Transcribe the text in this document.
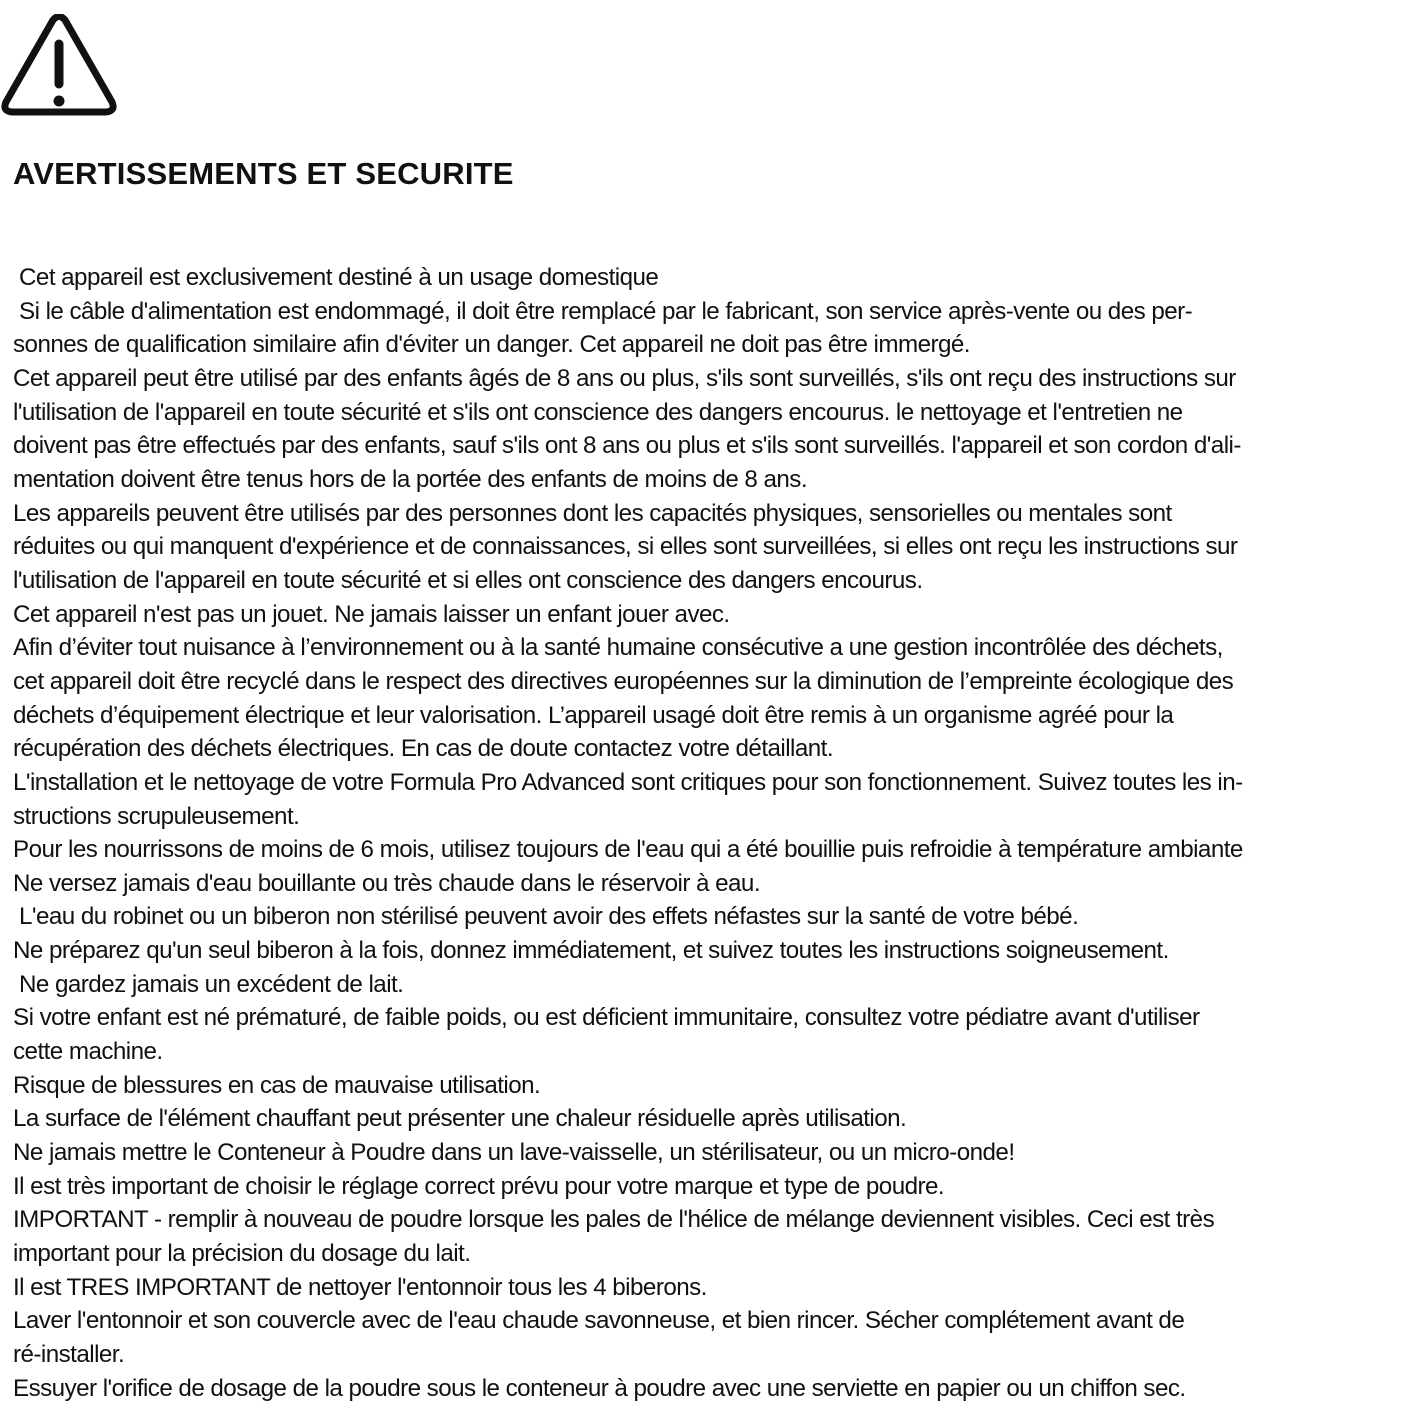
AVERTISSEMENTS ET SECURITE
Cet appareil est exclusivement destiné à un usage domestique
Si le câble d'alimentation est endommagé, il doit être remplacé par le fabricant, son service après-vente ou des per-
sonnes de qualification similaire afin d'éviter un danger. Cet appareil ne doit pas être immergé.
Cet appareil peut être utilisé par des enfants âgés de 8 ans ou plus, s'ils sont surveillés, s'ils ont reçu des instructions sur
l'utilisation de l'appareil en toute sécurité et s'ils ont conscience des dangers encourus. le nettoyage et l'entretien ne
doivent pas être effectués par des enfants, sauf s'ils ont 8 ans ou plus et s'ils sont surveillés. l'appareil et son cordon d'ali-
mentation doivent être tenus hors de la portée des enfants de moins de 8 ans.
Les appareils peuvent être utilisés par des personnes dont les capacités physiques, sensorielles ou mentales sont
réduites ou qui manquent d'expérience et de connaissances, si elles sont surveillées, si elles ont reçu les instructions sur
l'utilisation de l'appareil en toute sécurité et si elles ont conscience des dangers encourus.
Cet appareil n'est pas un jouet. Ne jamais laisser un enfant jouer avec.
Afin d’éviter tout nuisance à l’environnement ou à la santé humaine consécutive a une gestion incontrôlée des déchets,
cet appareil doit être recyclé dans le respect des directives européennes sur la diminution de l’empreinte écologique des
déchets d’équipement électrique et leur valorisation. L’appareil usagé doit être remis à un organisme agréé pour la
récupération des déchets électriques. En cas de doute contactez votre détaillant.
L'installation et le nettoyage de votre Formula Pro Advanced sont critiques pour son fonctionnement. Suivez toutes les in-
structions scrupuleusement.
Pour les nourrissons de moins de 6 mois, utilisez toujours de l'eau qui a été bouillie puis refroidie à température ambiante
Ne versez jamais d'eau bouillante ou très chaude dans le réservoir à eau.
L'eau du robinet ou un biberon non stérilisé peuvent avoir des effets néfastes sur la santé de votre bébé.
Ne préparez qu'un seul biberon à la fois, donnez immédiatement, et suivez toutes les instructions soigneusement.
Ne gardez jamais un excédent de lait.
Si votre enfant est né prématuré, de faible poids, ou est déficient immunitaire, consultez votre pédiatre avant d'utiliser
cette machine.
Risque de blessures en cas de mauvaise utilisation.
La surface de l'élément chauffant peut présenter une chaleur résiduelle après utilisation.
Ne jamais mettre le Conteneur à Poudre dans un lave-vaisselle, un stérilisateur, ou un micro-onde!
Il est très important de choisir le réglage correct prévu pour votre marque et type de poudre.
IMPORTANT - remplir à nouveau de poudre lorsque les pales de l'hélice de mélange deviennent visibles. Ceci est très
important pour la précision du dosage du lait.
Il est TRES IMPORTANT de nettoyer l'entonnoir tous les 4 biberons.
Laver l'entonnoir et son couvercle avec de l'eau chaude savonneuse, et bien rincer. Sécher complétement avant de
ré-installer.
Essuyer l'orifice de dosage de la poudre sous le conteneur à poudre avec une serviette en papier ou un chiffon sec.
